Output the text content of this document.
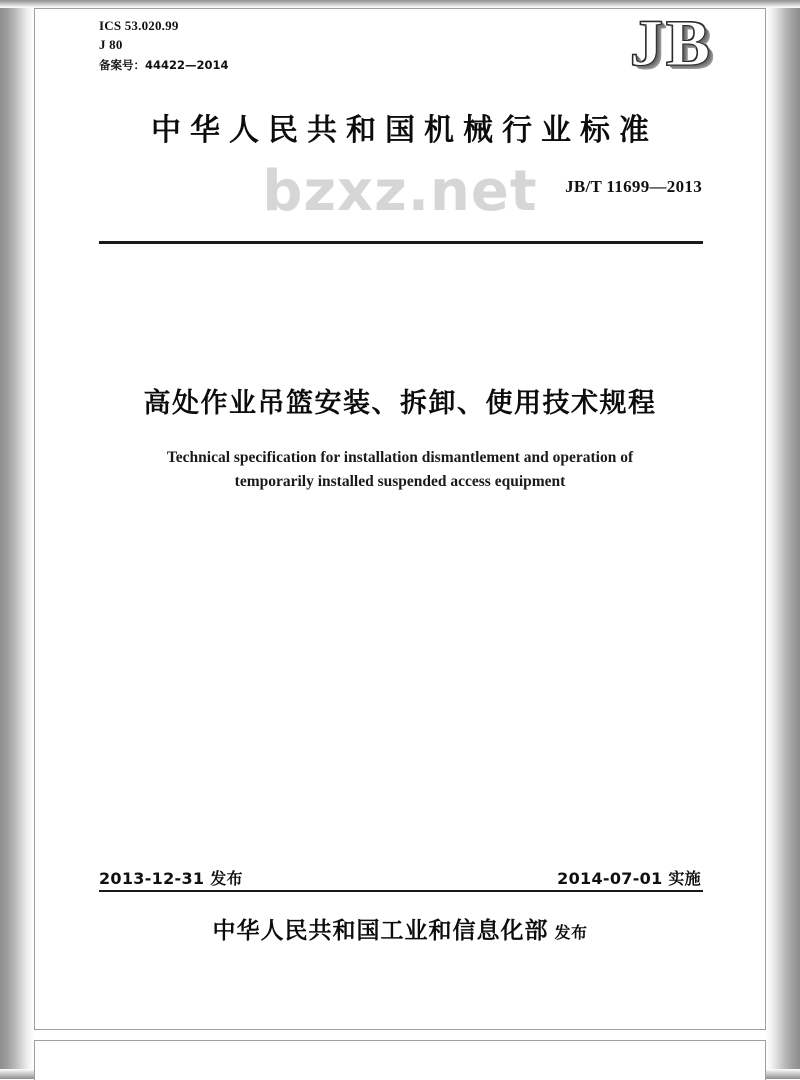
ICS 53.020.99
J 80
备案号：44422—2014	JB
中华人民共和国机械行业标准
bzxz.net	JB/T 11699—2013
高处作业吊篮安装、拆卸、使用技术规程
Technical specification for installation dismantlement and operation of
temporarily installed suspended access equipment
2013-12-31 发布	2014-07-01 实施
中华人民共和国工业和信息化部 发布
